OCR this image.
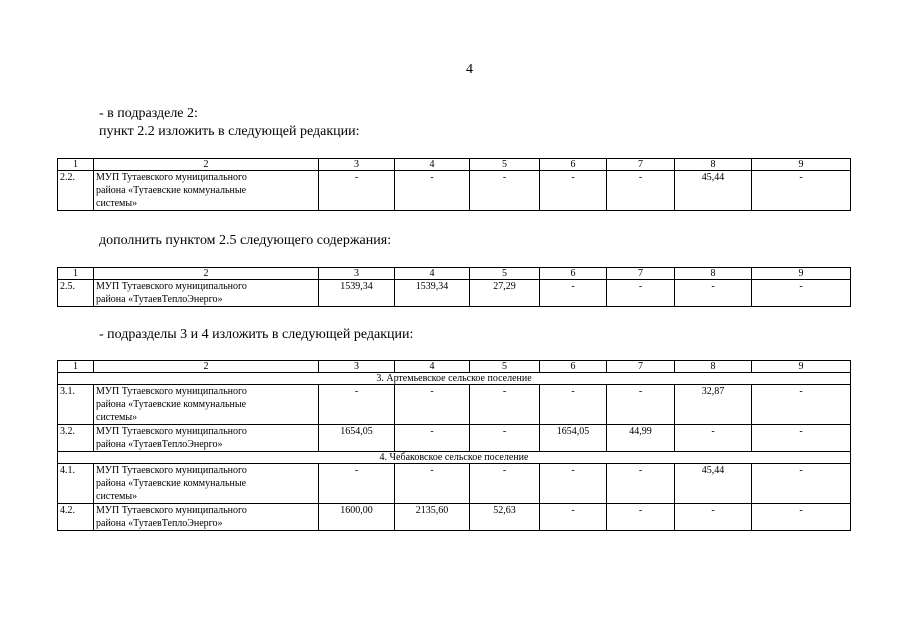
4
- в подразделе 2:
пункт 2.2 изложить в следующей редакции:
1	2	3	4	5	6	7	8	9
2.2.	МУП Тутаевского муниципального
района «Тутаевские коммунальные
системы»	-	-	-	-	-	45,44	-
дополнить пунктом 2.5 следующего содержания:
1	2	3	4	5	6	7	8	9
2.5.	МУП Тутаевского муниципального
района «ТутаевТеплоЭнерго»	1539,34	1539,34	27,29	-	-	-	-
- подразделы 3 и 4 изложить в следующей редакции:
1	2	3	4	5	6	7	8	9
3. Артемьевское сельское поселение								
3.1.	МУП Тутаевского муниципального
района «Тутаевские коммунальные
системы»	-	-	-	-	-	32,87	-
3.2.	МУП Тутаевского муниципального
района «ТутаевТеплоЭнерго»	1654,05	-	-	1654,05	44,99	-	-
4. Чебаковское сельское поселение								
4.1.	МУП Тутаевского муниципального
района «Тутаевские коммунальные
системы»	-	-	-	-	-	45,44	-
4.2.	МУП Тутаевского муниципального
района «ТутаевТеплоЭнерго»	1600,00	2135,60	52,63	-	-	-	-
